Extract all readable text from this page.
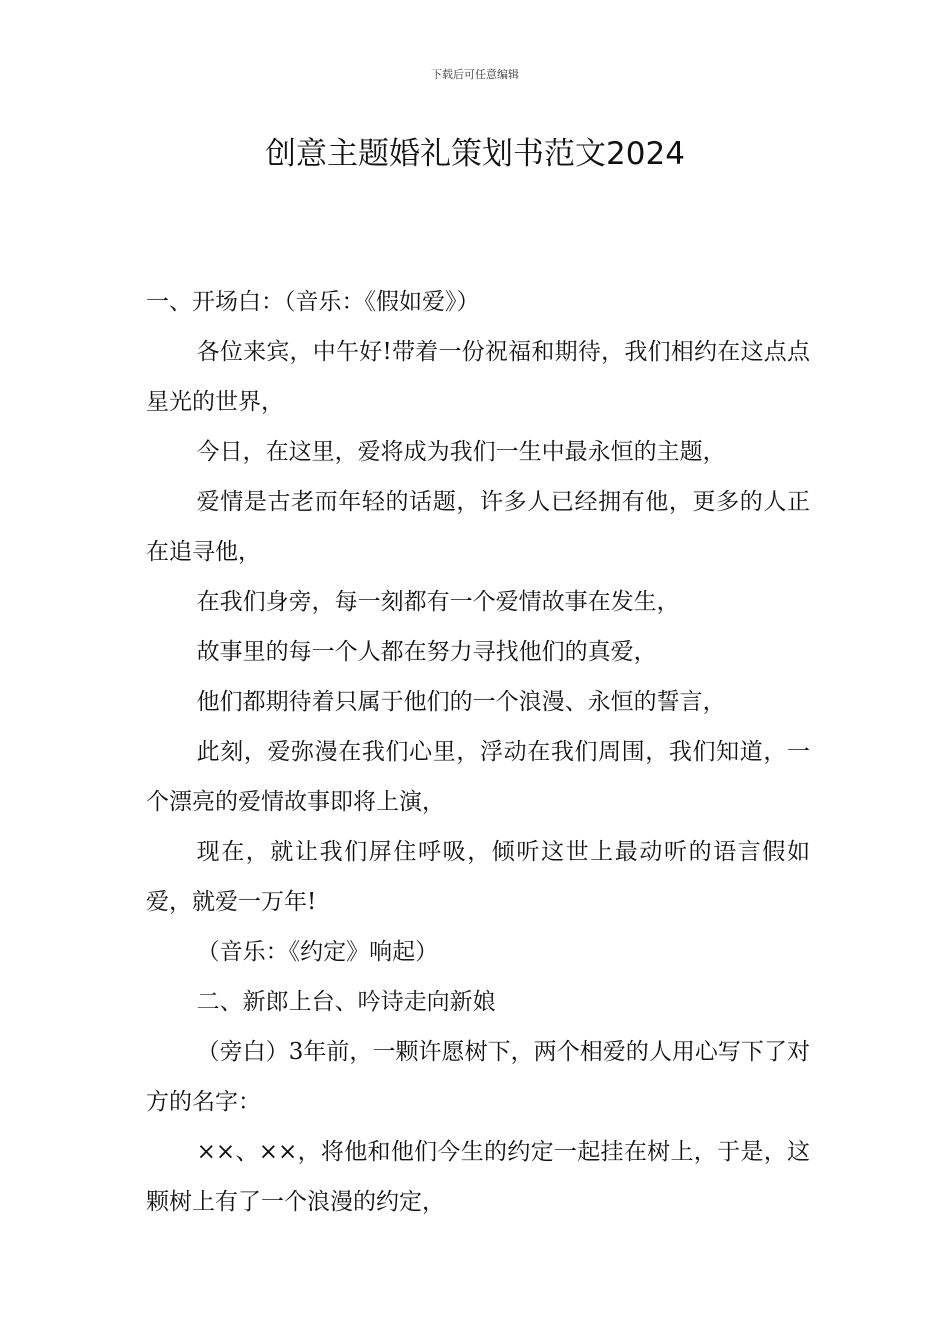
下载后可任意编辑
创意主题婚礼策划书范文2024

一、开场白：（音乐：《假如爱》）

各位来宾，中午好!带着一份祝福和期待，我们相约在这点点星光的世界，

今日，在这里，爱将成为我们一生中最永恒的主题，

爱情是古老而年轻的话题，许多人已经拥有他，更多的人正在追寻他，

在我们身旁，每一刻都有一个爱情故事在发生，

故事里的每一个人都在努力寻找他们的真爱，

他们都期待着只属于他们的一个浪漫、永恒的誓言，

此刻，爱弥漫在我们心里，浮动在我们周围，我们知道，一个漂亮的爱情故事即将上演，

现在，就让我们屏住呼吸，倾听这世上最动听的语言假如爱，就爱一万年!

（音乐：《约定》响起）

二、新郎上台、吟诗走向新娘

（旁白）3年前，一颗许愿树下，两个相爱的人用心写下了对方的名字：

××、××，将他和他们今生的约定一起挂在树上，于是，这颗树上有了一个浪漫的约定，
